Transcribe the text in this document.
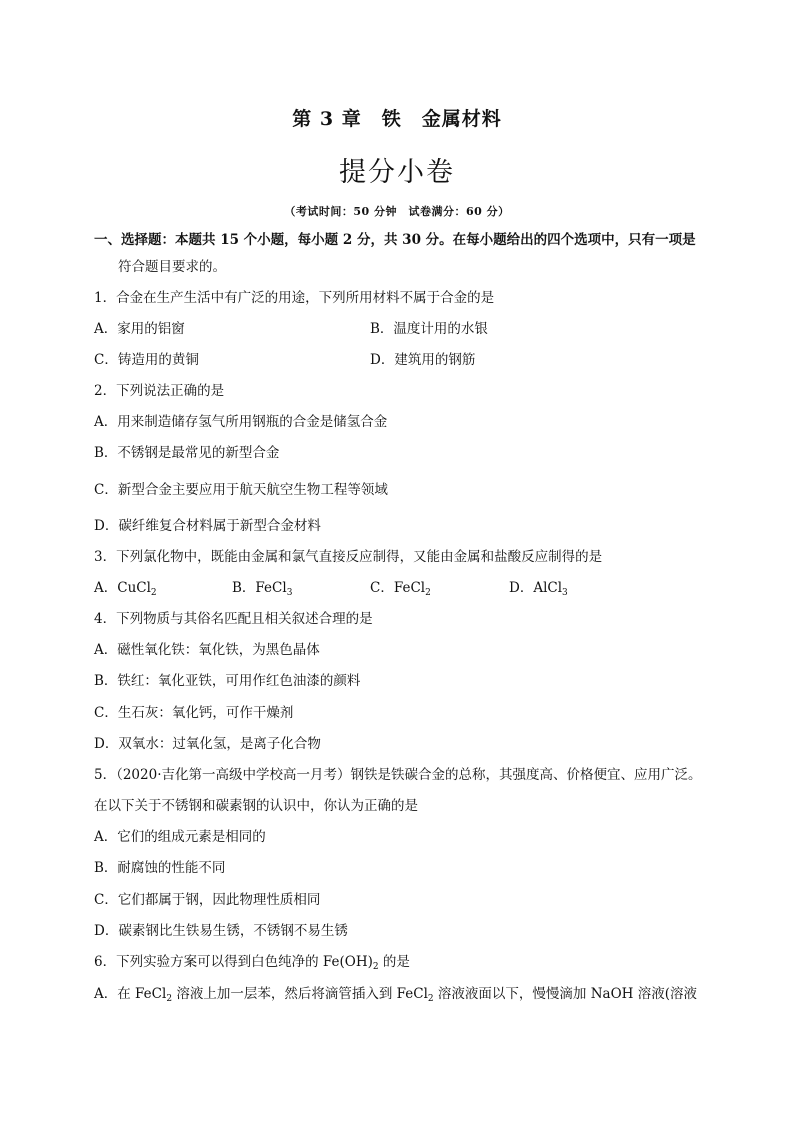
第 3 章　铁　金属材料
提分小卷
（考试时间：50 分钟　试卷满分：60 分）
一、选择题：本题共 15 个小题，每小题 2 分，共 30 分。在每小题给出的四个选项中，只有一项是
符合题目要求的。
1．合金在生产生活中有广泛的用途，下列所用材料不属于合金的是
A．家用的铝窗	B．温度计用的水银
C．铸造用的黄铜	D．建筑用的钢筋
2．下列说法正确的是
A．用来制造储存氢气所用钢瓶的合金是储氢合金
B．不锈钢是最常见的新型合金
C．新型合金主要应用于航天航空生物工程等领域
D．碳纤维复合材料属于新型合金材料
3．下列氯化物中，既能由金属和氯气直接反应制得，又能由金属和盐酸反应制得的是
A．CuCl$_2$	B．FeCl$_3$	C．FeCl$_2$	D．AlCl$_3$
4．下列物质与其俗名匹配且相关叙述合理的是
A．磁性氧化铁：氧化铁，为黑色晶体
B．铁红：氧化亚铁，可用作红色油漆的颜料
C．生石灰：氧化钙，可作干燥剂
D．双氧水：过氧化氢，是离子化合物
5．（2020·吉化第一高级中学校高一月考）钢铁是铁碳合金的总称，其强度高、价格便宜、应用广泛。
在以下关于不锈钢和碳素钢的认识中，你认为正确的是
A．它们的组成元素是相同的
B．耐腐蚀的性能不同
C．它们都属于钢，因此物理性质相同
D．碳素钢比生铁易生锈，不锈钢不易生锈
6．下列实验方案可以得到白色纯净的 $Fe(OH)_2$ 的是
A．在 FeCl$_2$ 溶液上加一层苯，然后将滴管插入到 FeCl$_2$ 溶液液面以下，慢慢滴加 NaOH 溶液(溶液
